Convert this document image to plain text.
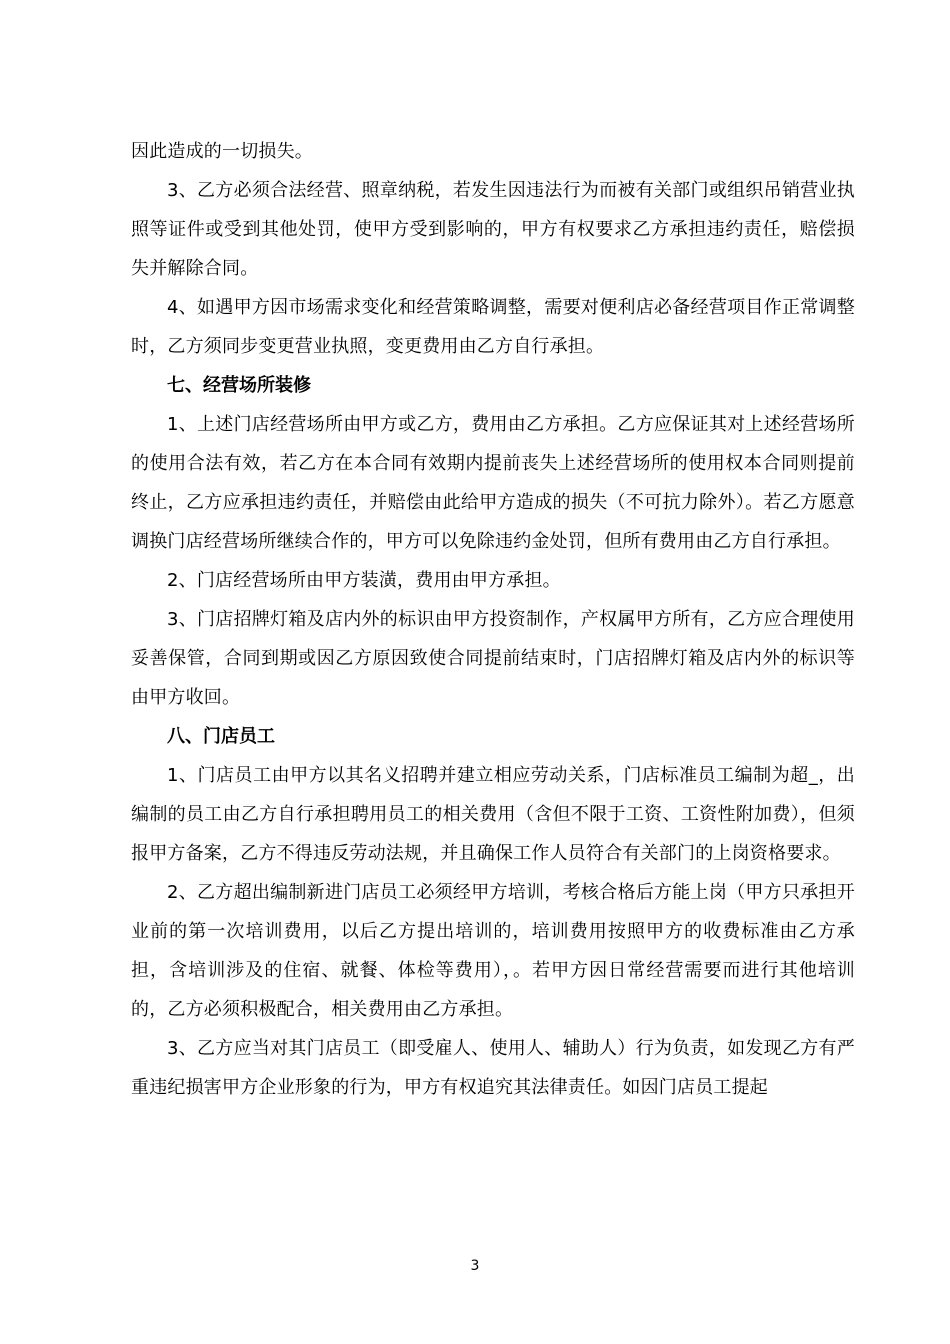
因此造成的一切损失。

3、乙方必须合法经营、照章纳税，若发生因违法行为而被有关部门或组织吊销营业执照等证件或受到其他处罚，使甲方受到影响的，甲方有权要求乙方承担违约责任，赔偿损失并解除合同。

4、如遇甲方因市场需求变化和经营策略调整，需要对便利店必备经营项目作正常调整时，乙方须同步变更营业执照，变更费用由乙方自行承担。

七、经营场所装修

1、上述门店经营场所由甲方或乙方，费用由乙方承担。乙方应保证其对上述经营场所的使用合法有效，若乙方在本合同有效期内提前丧失上述经营场所的使用权本合同则提前终止，乙方应承担违约责任，并赔偿由此给甲方造成的损失（不可抗力除外）。若乙方愿意调换门店经营场所继续合作的，甲方可以免除违约金处罚，但所有费用由乙方自行承担。

2、门店经营场所由甲方装潢，费用由甲方承担。

3、门店招牌灯箱及店内外的标识由甲方投资制作，产权属甲方所有，乙方应合理使用妥善保管，合同到期或因乙方原因致使合同提前结束时，门店招牌灯箱及店内外的标识等由甲方收回。

八、门店员工

1、门店员工由甲方以其名义招聘并建立相应劳动关系，门店标准员工编制为超_，出编制的员工由乙方自行承担聘用员工的相关费用（含但不限于工资、工资性附加费），但须报甲方备案，乙方不得违反劳动法规，并且确保工作人员符合有关部门的上岗资格要求。

2、乙方超出编制新进门店员工必须经甲方培训，考核合格后方能上岗（甲方只承担开业前的第一次培训费用，以后乙方提出培训的，培训费用按照甲方的收费标准由乙方承担，含培训涉及的住宿、就餐、体检等费用），。若甲方因日常经营需要而进行其他培训的，乙方必须积极配合，相关费用由乙方承担。

3、乙方应当对其门店员工（即受雇人、使用人、辅助人）行为负责，如发现乙方有严重违纪损害甲方企业形象的行为，甲方有权追究其法律责任。如因门店员工提起

3
